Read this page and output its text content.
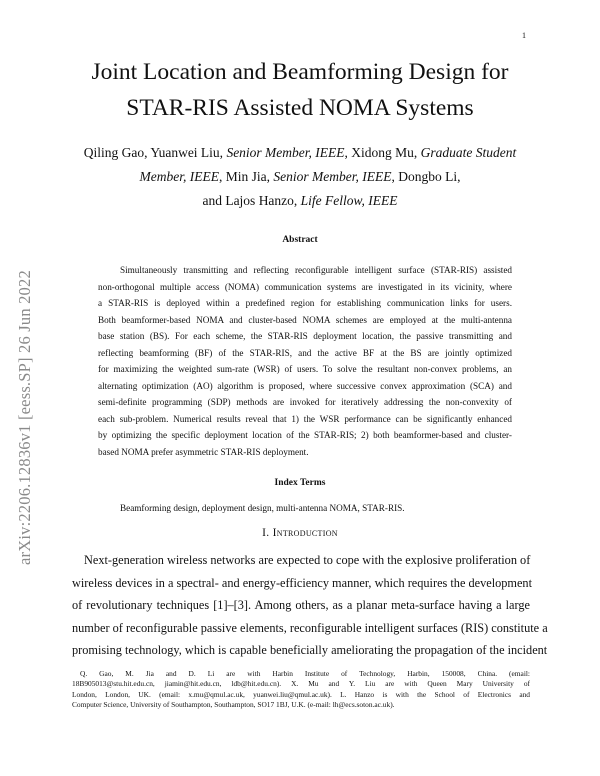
1
arXiv:2206.12836v1 [eess.SP] 26 Jun 2022
Joint Location and Beamforming Design for
STAR-RIS Assisted NOMA Systems
Qiling Gao, Yuanwei Liu, Senior Member, IEEE, Xidong Mu, Graduate Student
Member, IEEE, Min Jia, Senior Member, IEEE, Dongbo Li,
and Lajos Hanzo, Life Fellow, IEEE
Abstract
Simultaneously transmitting and reflecting reconfigurable intelligent surface (STAR-RIS) assisted
non-orthogonal multiple access (NOMA) communication systems are investigated in its vicinity, where
a STAR-RIS is deployed within a predefined region for establishing communication links for users.
Both beamformer-based NOMA and cluster-based NOMA schemes are employed at the multi-antenna
base station (BS). For each scheme, the STAR-RIS deployment location, the passive transmitting and
reflecting beamforming (BF) of the STAR-RIS, and the active BF at the BS are jointly optimized
for maximizing the weighted sum-rate (WSR) of users. To solve the resultant non-convex problems, an
alternating optimization (AO) algorithm is proposed, where successive convex approximation (SCA) and
semi-definite programming (SDP) methods are invoked for iteratively addressing the non-convexity of
each sub-problem. Numerical results reveal that 1) the WSR performance can be significantly enhanced
by optimizing the specific deployment location of the STAR-RIS; 2) both beamformer-based and cluster-
based NOMA prefer asymmetric STAR-RIS deployment.
Index Terms
Beamforming design, deployment design, multi-antenna NOMA, STAR-RIS.
I. Introduction
Next-generation wireless networks are expected to cope with the explosive proliferation of
wireless devices in a spectral- and energy-efficiency manner, which requires the development
of revolutionary techniques [1]–[3]. Among others, as a planar meta-surface having a large
number of reconfigurable passive elements, reconfigurable intelligent surfaces (RIS) constitute a
promising technology, which is capable beneficially ameliorating the propagation of the incident
Q. Gao, M. Jia and D. Li are with Harbin Institute of Technology, Harbin, 150008, China. (email:
18B905013@stu.hit.edu.cn, jiamin@hit.edu.cn, ldb@hit.edu.cn). X. Mu and Y. Liu are with Queen Mary University of
London, London, UK. (email: x.mu@qmul.ac.uk, yuanwei.liu@qmul.ac.uk). L. Hanzo is with the School of Electronics and
Computer Science, University of Southampton, Southampton, SO17 1BJ, U.K. (e-mail: lh@ecs.soton.ac.uk).
